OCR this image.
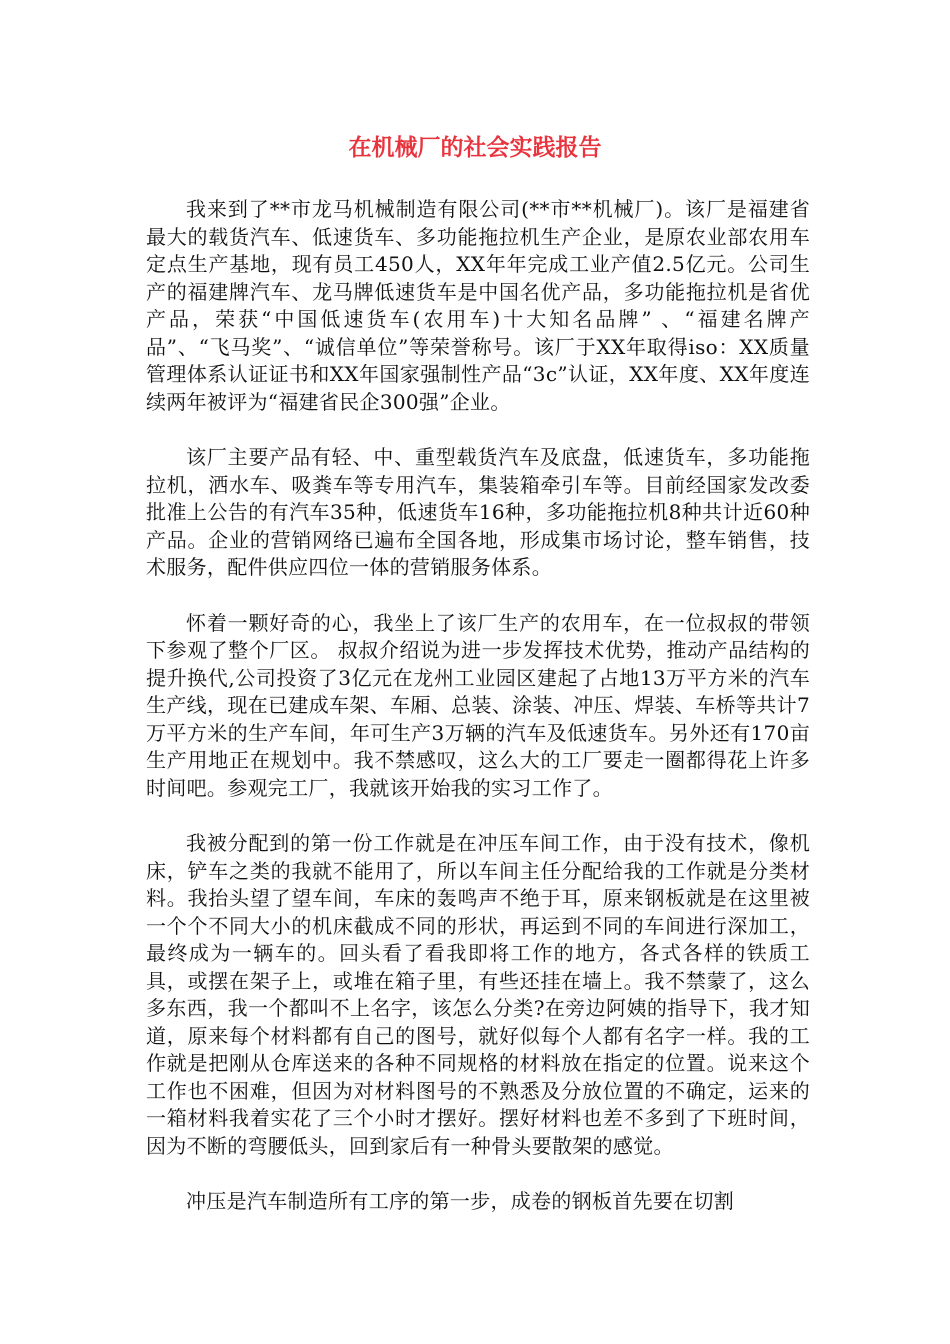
在机械厂的社会实践报告

我来到了**市龙马机械制造有限公司(**市**机械厂)。该厂是福建省最大的载货汽车、低速货车、多功能拖拉机生产企业，是原农业部农用车定点生产基地，现有员工450人，XX年年完成工业产值2.5亿元。公司生产的福建牌汽车、龙马牌低速货车是中国名优产品，多功能拖拉机是省优产品，荣获“中国低速货车(农用车)十大知名品牌” 、“福建名牌产品”、“飞马奖”、“诚信单位”等荣誉称号。该厂于XX年取得iso：XX质量管理体系认证证书和XX年国家强制性产品“3c”认证，XX年度、XX年度连续两年被评为“福建省民企300强”企业。

该厂主要产品有轻、中、重型载货汽车及底盘，低速货车，多功能拖拉机，洒水车、吸粪车等专用汽车，集装箱牵引车等。目前经国家发改委批准上公告的有汽车35种，低速货车16种，多功能拖拉机8种共计近60种产品。企业的营销网络已遍布全国各地，形成集市场讨论，整车销售，技术服务，配件供应四位一体的营销服务体系。

怀着一颗好奇的心，我坐上了该厂生产的农用车，在一位叔叔的带领下参观了整个厂区。 叔叔介绍说为进一步发挥技术优势，推动产品结构的提升换代,公司投资了3亿元在龙州工业园区建起了占地13万平方米的汽车生产线，现在已建成车架、车厢、总装、涂装、冲压、焊装、车桥等共计7万平方米的生产车间，年可生产3万辆的汽车及低速货车。另外还有170亩生产用地正在规划中。我不禁感叹，这么大的工厂要走一圈都得花上许多时间吧。参观完工厂，我就该开始我的实习工作了。

我被分配到的第一份工作就是在冲压车间工作，由于没有技术，像机床，铲车之类的我就不能用了，所以车间主任分配给我的工作就是分类材料。我抬头望了望车间，车床的轰鸣声不绝于耳，原来钢板就是在这里被一个个不同大小的机床截成不同的形状，再运到不同的车间进行深加工，最终成为一辆车的。回头看了看我即将工作的地方，各式各样的铁质工具，或摆在架子上，或堆在箱子里，有些还挂在墙上。我不禁蒙了，这么多东西，我一个都叫不上名字，该怎么分类?在旁边阿姨的指导下，我才知道，原来每个材料都有自己的图号，就好似每个人都有名字一样。我的工作就是把刚从仓库送来的各种不同规格的材料放在指定的位置。说来这个工作也不困难，但因为对材料图号的不熟悉及分放位置的不确定，运来的一箱材料我着实花了三个小时才摆好。摆好材料也差不多到了下班时间，因为不断的弯腰低头，回到家后有一种骨头要散架的感觉。

冲压是汽车制造所有工序的第一步，成卷的钢板首先要在切割
